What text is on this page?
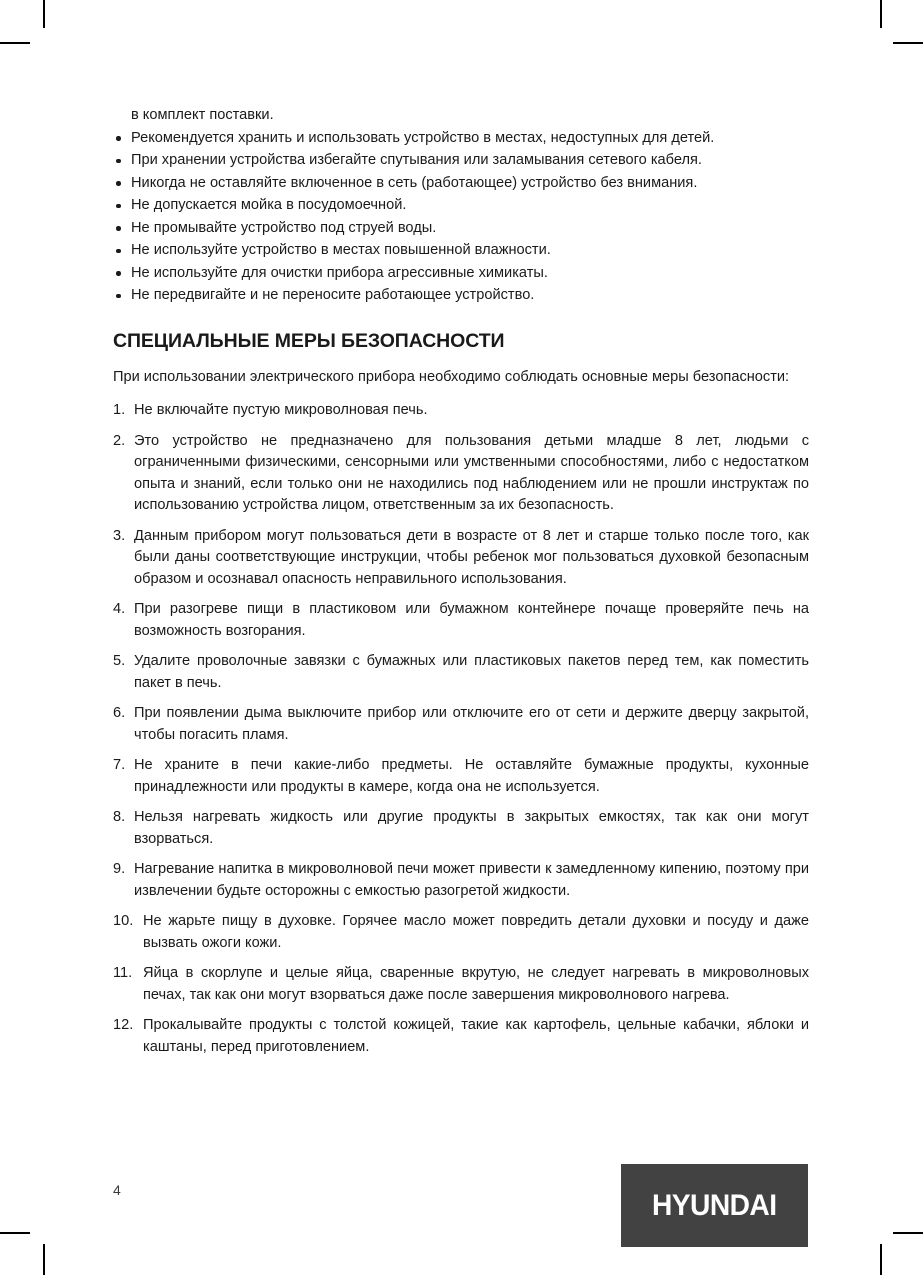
в комплект поставки.

Рекомендуется хранить и использовать устройство в местах, недоступных для детей.
При хранении устройства избегайте спутывания или заламывания сетевого кабеля.
Никогда не оставляйте включенное в сеть (работающее) устройство без внимания.
Не допускается мойка в посудомоечной.
Не промывайте устройство под струей воды.
Не используйте устройство в местах повышенной влажности.
Не используйте для очистки прибора агрессивные химикаты.
Не передвигайте и не переносите работающее устройство.
СПЕЦИАЛЬНЫЕ МЕРЫ БЕЗОПАСНОСТИ

При использовании электрического прибора необходимо соблюдать основные меры безопасности:

1. Не включайте пустую микроволновая печь.
2. Это устройство не предназначено для пользования детьми младше 8 лет, людьми с ограниченными физическими, сенсорными или умственными способностями, либо с недостатком опыта и знаний, если только они не находились под наблюдением или не прошли инструктаж по использованию устройства лицом, ответственным за их безопасность.
3. Данным прибором могут пользоваться дети в возрасте от 8 лет и старше только после того, как были даны соответствующие инструкции, чтобы ребенок мог пользоваться духовкой безопасным образом и осознавал опасность неправильного использования.
4. При разогреве пищи в пластиковом или бумажном контейнере почаще проверяйте печь на возможность возгорания.
5. Удалите проволочные завязки с бумажных или пластиковых пакетов перед тем, как поместить пакет в печь.
6. При появлении дыма выключите прибор или отключите его от сети и держите дверцу закрытой, чтобы погасить пламя.
7. Не храните в печи какие-либо предметы. Не оставляйте бумажные продукты, кухонные принадлежности или продукты в камере, когда она не используется.
8. Нельзя нагревать жидкость или другие продукты в закрытых емкостях, так как они могут взорваться.
9. Нагревание напитка в микроволновой печи может привести к замедленному кипению, поэтому при извлечении будьте осторожны с емкостью разогретой жидкости.
10. Не жарьте пищу в духовке. Горячее масло может повредить детали духовки и посуду и даже вызвать ожоги кожи.
11. Яйца в скорлупе и целые яйца, сваренные вкрутую, не следует нагревать в микроволновых печах, так как они могут взорваться даже после завершения микроволнового нагрева.
12. Прокалывайте продукты с толстой кожицей, такие как картофель, цельные кабачки, яблоки и каштаны, перед приготовлением.
4	HYUNDAI
